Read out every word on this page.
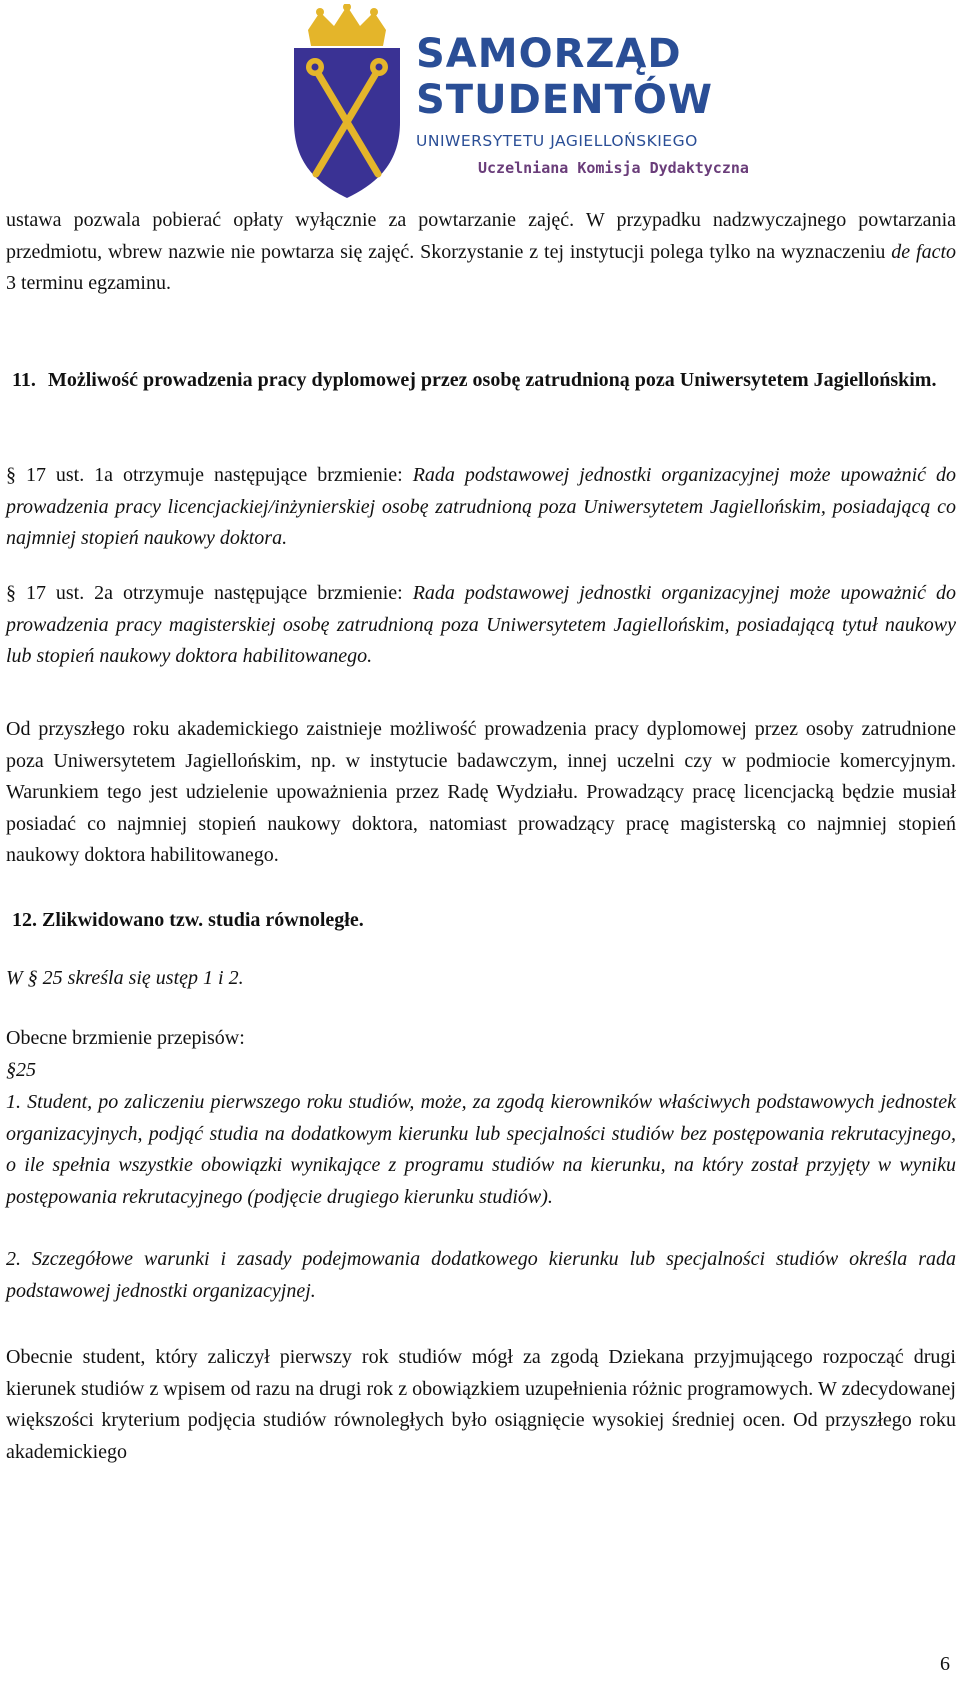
SAMORZĄD
STUDENTÓW
UNIWERSYTETU JAGIELLOŃSKIEGO
Uczelniana Komisja Dydaktyczna

ustawa pozwala pobierać opłaty wyłącznie za powtarzanie zajęć. W przypadku nadzwyczajnego powtarzania przedmiotu, wbrew nazwie nie powtarza się zajęć. Skorzystanie z tej instytucji polega tylko na wyznaczeniu de facto 3 terminu egzaminu.

11. Możliwość prowadzenia pracy dyplomowej przez osobę zatrudnioną poza Uniwersytetem Jagiellońskim.

§ 17 ust. 1a otrzymuje następujące brzmienie: Rada podstawowej jednostki organizacyjnej może upoważnić do prowadzenia pracy licencjackiej/inżynierskiej osobę zatrudnioną poza Uniwersytetem Jagiellońskim, posiadającą co najmniej stopień naukowy doktora.

§ 17 ust. 2a otrzymuje następujące brzmienie: Rada podstawowej jednostki organizacyjnej może upoważnić do prowadzenia pracy magisterskiej osobę zatrudnioną poza Uniwersytetem Jagiellońskim, posiadającą tytuł naukowy lub stopień naukowy doktora habilitowanego.

Od przyszłego roku akademickiego zaistnieje możliwość prowadzenia pracy dyplomowej przez osoby zatrudnione poza Uniwersytetem Jagiellońskim, np. w instytucie badawczym, innej uczelni czy w podmiocie komercyjnym. Warunkiem tego jest udzielenie upoważnienia przez Radę Wydziału. Prowadzący pracę licencjacką będzie musiał posiadać co najmniej stopień naukowy doktora, natomiast prowadzący pracę magisterską co najmniej stopień naukowy doktora habilitowanego.

12. Zlikwidowano tzw. studia równoległe.

W § 25 skreśla się ustęp 1 i 2.

Obecne brzmienie przepisów:

§25

1. Student, po zaliczeniu pierwszego roku studiów, może, za zgodą kierowników właściwych podstawowych jednostek organizacyjnych, podjąć studia na dodatkowym kierunku lub specjalności studiów bez postępowania rekrutacyjnego, o ile spełnia wszystkie obowiązki wynikające z programu studiów na kierunku, na który został przyjęty w wyniku postępowania rekrutacyjnego (podjęcie drugiego kierunku studiów).

2. Szczegółowe warunki i zasady podejmowania dodatkowego kierunku lub specjalności studiów określa rada podstawowej jednostki organizacyjnej.

Obecnie student, który zaliczył pierwszy rok studiów mógł za zgodą Dziekana przyjmującego rozpocząć drugi kierunek studiów z wpisem od razu na drugi rok z obowiązkiem uzupełnienia różnic programowych. W zdecydowanej większości kryterium podjęcia studiów równoległych było osiągnięcie wysokiej średniej ocen. Od przyszłego roku akademickiego

6
